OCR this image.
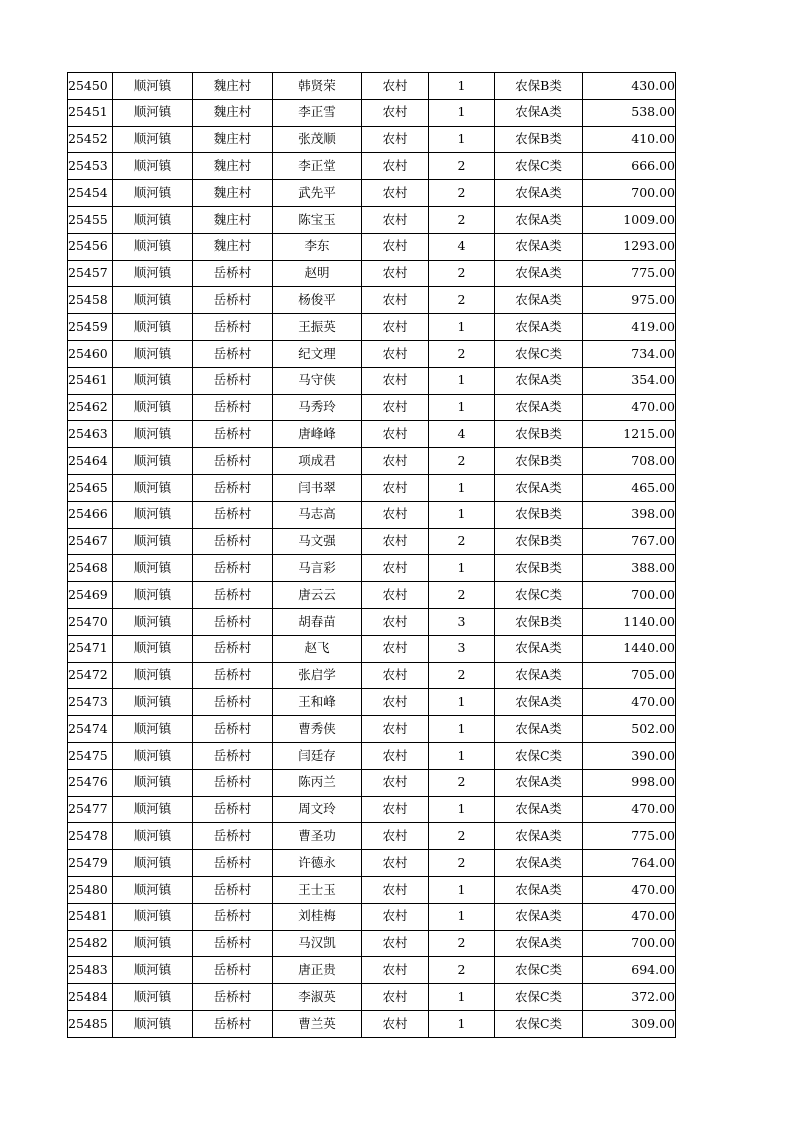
25450	顺河镇	魏庄村	韩贤荣	农村	1	农保B类	430.00
25451	顺河镇	魏庄村	李正雪	农村	1	农保A类	538.00
25452	顺河镇	魏庄村	张茂顺	农村	1	农保B类	410.00
25453	顺河镇	魏庄村	李正堂	农村	2	农保C类	666.00
25454	顺河镇	魏庄村	武先平	农村	2	农保A类	700.00
25455	顺河镇	魏庄村	陈宝玉	农村	2	农保A类	1009.00
25456	顺河镇	魏庄村	李东	农村	4	农保A类	1293.00
25457	顺河镇	岳桥村	赵明	农村	2	农保A类	775.00
25458	顺河镇	岳桥村	杨俊平	农村	2	农保A类	975.00
25459	顺河镇	岳桥村	王振英	农村	1	农保A类	419.00
25460	顺河镇	岳桥村	纪文理	农村	2	农保C类	734.00
25461	顺河镇	岳桥村	马守侠	农村	1	农保A类	354.00
25462	顺河镇	岳桥村	马秀玲	农村	1	农保A类	470.00
25463	顺河镇	岳桥村	唐峰峰	农村	4	农保B类	1215.00
25464	顺河镇	岳桥村	项成君	农村	2	农保B类	708.00
25465	顺河镇	岳桥村	闫书翠	农村	1	农保A类	465.00
25466	顺河镇	岳桥村	马志高	农村	1	农保B类	398.00
25467	顺河镇	岳桥村	马文强	农村	2	农保B类	767.00
25468	顺河镇	岳桥村	马言彩	农村	1	农保B类	388.00
25469	顺河镇	岳桥村	唐云云	农村	2	农保C类	700.00
25470	顺河镇	岳桥村	胡春苗	农村	3	农保B类	1140.00
25471	顺河镇	岳桥村	赵飞	农村	3	农保A类	1440.00
25472	顺河镇	岳桥村	张启学	农村	2	农保A类	705.00
25473	顺河镇	岳桥村	王和峰	农村	1	农保A类	470.00
25474	顺河镇	岳桥村	曹秀侠	农村	1	农保A类	502.00
25475	顺河镇	岳桥村	闫廷存	农村	1	农保C类	390.00
25476	顺河镇	岳桥村	陈丙兰	农村	2	农保A类	998.00
25477	顺河镇	岳桥村	周文玲	农村	1	农保A类	470.00
25478	顺河镇	岳桥村	曹圣功	农村	2	农保A类	775.00
25479	顺河镇	岳桥村	许德永	农村	2	农保A类	764.00
25480	顺河镇	岳桥村	王士玉	农村	1	农保A类	470.00
25481	顺河镇	岳桥村	刘桂梅	农村	1	农保A类	470.00
25482	顺河镇	岳桥村	马汉凯	农村	2	农保A类	700.00
25483	顺河镇	岳桥村	唐正贵	农村	2	农保C类	694.00
25484	顺河镇	岳桥村	李淑英	农村	1	农保C类	372.00
25485	顺河镇	岳桥村	曹兰英	农村	1	农保C类	309.00
